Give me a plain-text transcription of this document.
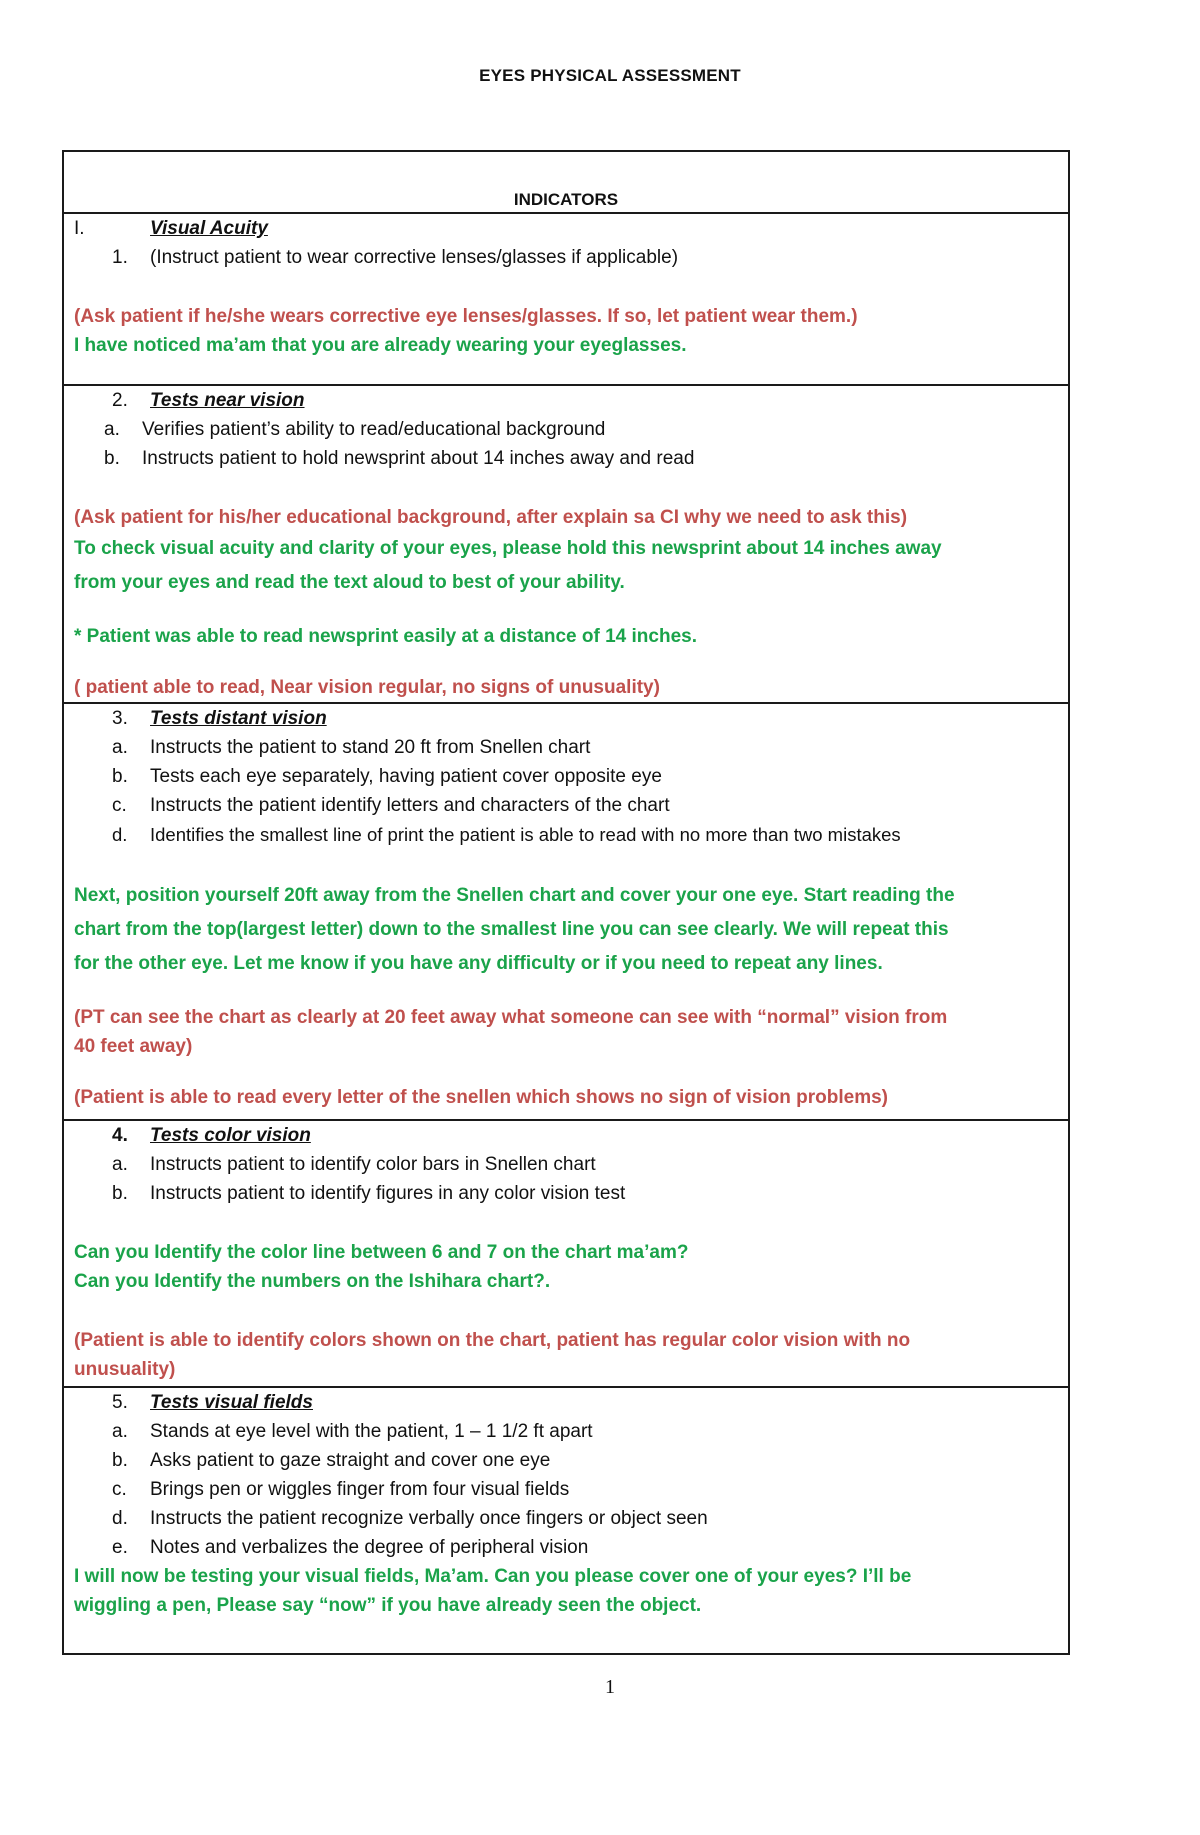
EYES PHYSICAL ASSESSMENT
INDICATORS

I.	Visual Acuity
1. (Instruct patient to wear corrective lenses/glasses if applicable)
(Ask patient if he/she wears corrective eye lenses/glasses. If so, let patient wear them.)
I have noticed ma’am that you are already wearing your eyeglasses.

2. Tests near vision
a. Verifies patient’s ability to read/educational background
b. Instructs patient to hold newsprint about 14 inches away and read
(Ask patient for his/her educational background, after explain sa CI why we need to ask this)
To check visual acuity and clarity of your eyes, please hold this newsprint about 14 inches away
from your eyes and read the text aloud to best of your ability.
* Patient was able to read newsprint easily at a distance of 14 inches.
( patient able to read, Near vision regular, no signs of unusuality)

3. Tests distant vision
a. Instructs the patient to stand 20 ft from Snellen chart
b. Tests each eye separately, having patient cover opposite eye
c. Instructs the patient identify letters and characters of the chart
d. Identifies the smallest line of print the patient is able to read with no more than two mistakes
Next, position yourself 20ft away from the Snellen chart and cover your one eye. Start reading the
chart from the top(largest letter) down to the smallest line you can see clearly. We will repeat this
for the other eye. Let me know if you have any difficulty or if you need to repeat any lines.
(PT can see the chart as clearly at 20 feet away what someone can see with “normal” vision from
40 feet away)
(Patient is able to read every letter of the snellen which shows no sign of vision problems)

4. Tests color vision
a. Instructs patient to identify color bars in Snellen chart
b. Instructs patient to identify figures in any color vision test
Can you Identify the color line between 6 and 7 on the chart ma’am?
Can you Identify the numbers on the Ishihara chart?.
(Patient is able to identify colors shown on the chart, patient has regular color vision with no
unusuality)

5. Tests visual fields
a. Stands at eye level with the patient, 1 – 1 1/2 ft apart
b. Asks patient to gaze straight and cover one eye
c. Brings pen or wiggles finger from four visual fields
d. Instructs the patient recognize verbally once fingers or object seen
e. Notes and verbalizes the degree of peripheral vision
I will now be testing your visual fields, Ma’am. Can you please cover one of your eyes? I’ll be
wiggling a pen, Please say “now” if you have already seen the object.
1
